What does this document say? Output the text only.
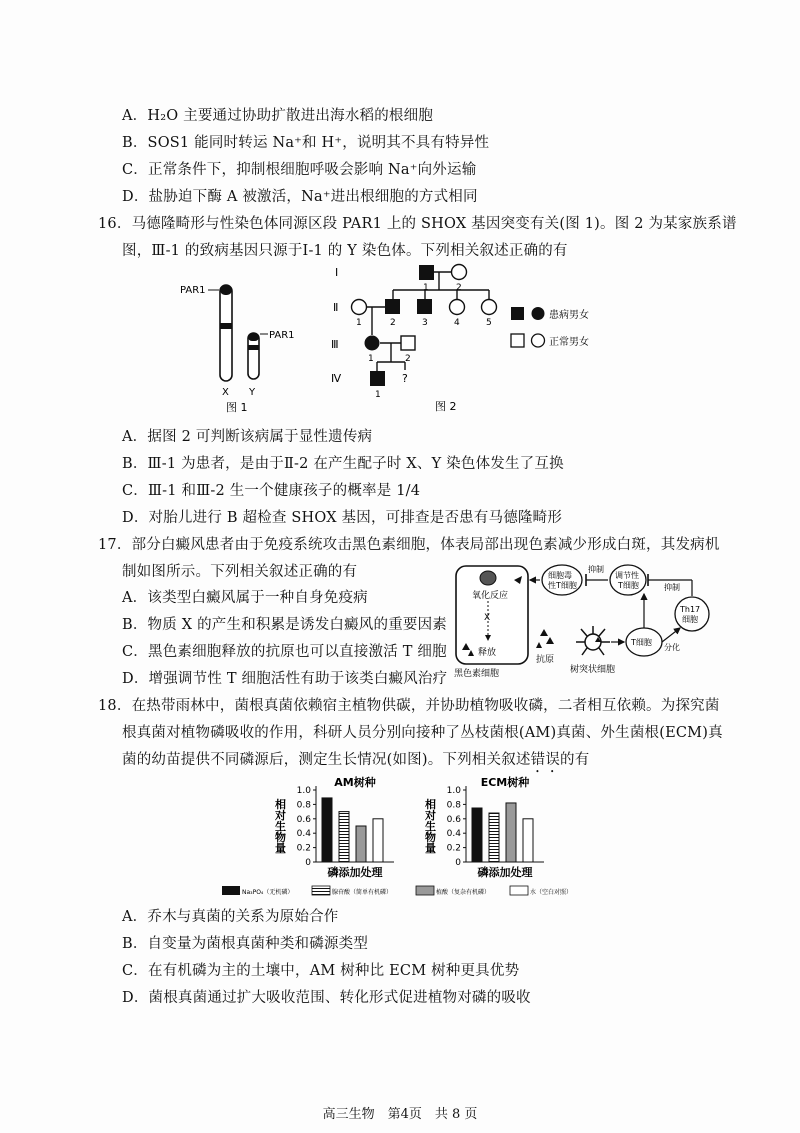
A．H₂O 主要通过协助扩散进出海水稻的根细胞
B．SOS1 能同时转运 Na⁺和 H⁺，说明其不具有特异性
C．正常条件下，抑制根细胞呼吸会影响 Na⁺向外运输
D．盐胁迫下酶 A 被激活，Na⁺进出根细胞的方式相同
16．马德隆畸形与性染色体同源区段 PAR1 上的 SHOX 基因突变有关(图 1)。图 2 为某家族系谱
图，Ⅲ-1 的致病基因只源于Ⅰ-1 的 Y 染色体。下列相关叙述正确的有
PAR1
PAR1
X Y
图 1
Ⅰ
Ⅱ
Ⅲ
Ⅳ
1	2
1	2	3	4	5
1	2
1
?
患病男女
正常男女
图 2
A．据图 2 可判断该病属于显性遗传病
B．Ⅲ-1 为患者，是由于Ⅱ-2 在产生配子时 X、Y 染色体发生了互换
C．Ⅲ-1 和Ⅲ-2 生一个健康孩子的概率是 1/4
D．对胎儿进行 B 超检查 SHOX 基因，可排查是否患有马德隆畸形
17．部分白癜风患者由于免疫系统攻击黑色素细胞，体表局部出现色素减少形成白斑，其发病机
制如图所示。下列相关叙述正确的有
A．该类型白癜风属于一种自身免疫病
B．物质 X 的产生和积累是诱发白癜风的重要因素
C．黑色素细胞释放的抗原也可以直接激活 T 细胞
D．增强调节性 T 细胞活性有助于该类白癜风治疗
氧化反应
X
释放
黑色素细胞
细胞毒
性T细胞
抑制
调节性
T细胞	抑制
Th17
细胞
T细胞
分化
抗原
树突状细胞
18．在热带雨林中，菌根真菌依赖宿主植物供碳，并协助植物吸收磷，二者相互依赖。为探究菌
根真菌对植物磷吸收的作用，科研人员分别向接种了丛枝菌根(AM)真菌、外生菌根(ECM)真
菌的幼苗提供不同磷源后，测定生长情况(如图)。下列相关叙述错误的有
1.0
0.8
0.6
0.4
0.2
0
相对生物量
AM树种
磷添加处理
1.0
0.8
0.6
0.4
0.2
0
相对生物量
ECM树种
磷添加处理
Na₃PO₄（无机磷）	腺苷酸（简单有机磷）	植酸（复杂有机磷）	水（空白对照）
A．乔木与真菌的关系为原始合作
B．自变量为菌根真菌种类和磷源类型
C．在有机磷为主的土壤中，AM 树种比 ECM 树种更具优势
D．菌根真菌通过扩大吸收范围、转化形式促进植物对磷的吸收
高三生物　第4页　共 8 页
